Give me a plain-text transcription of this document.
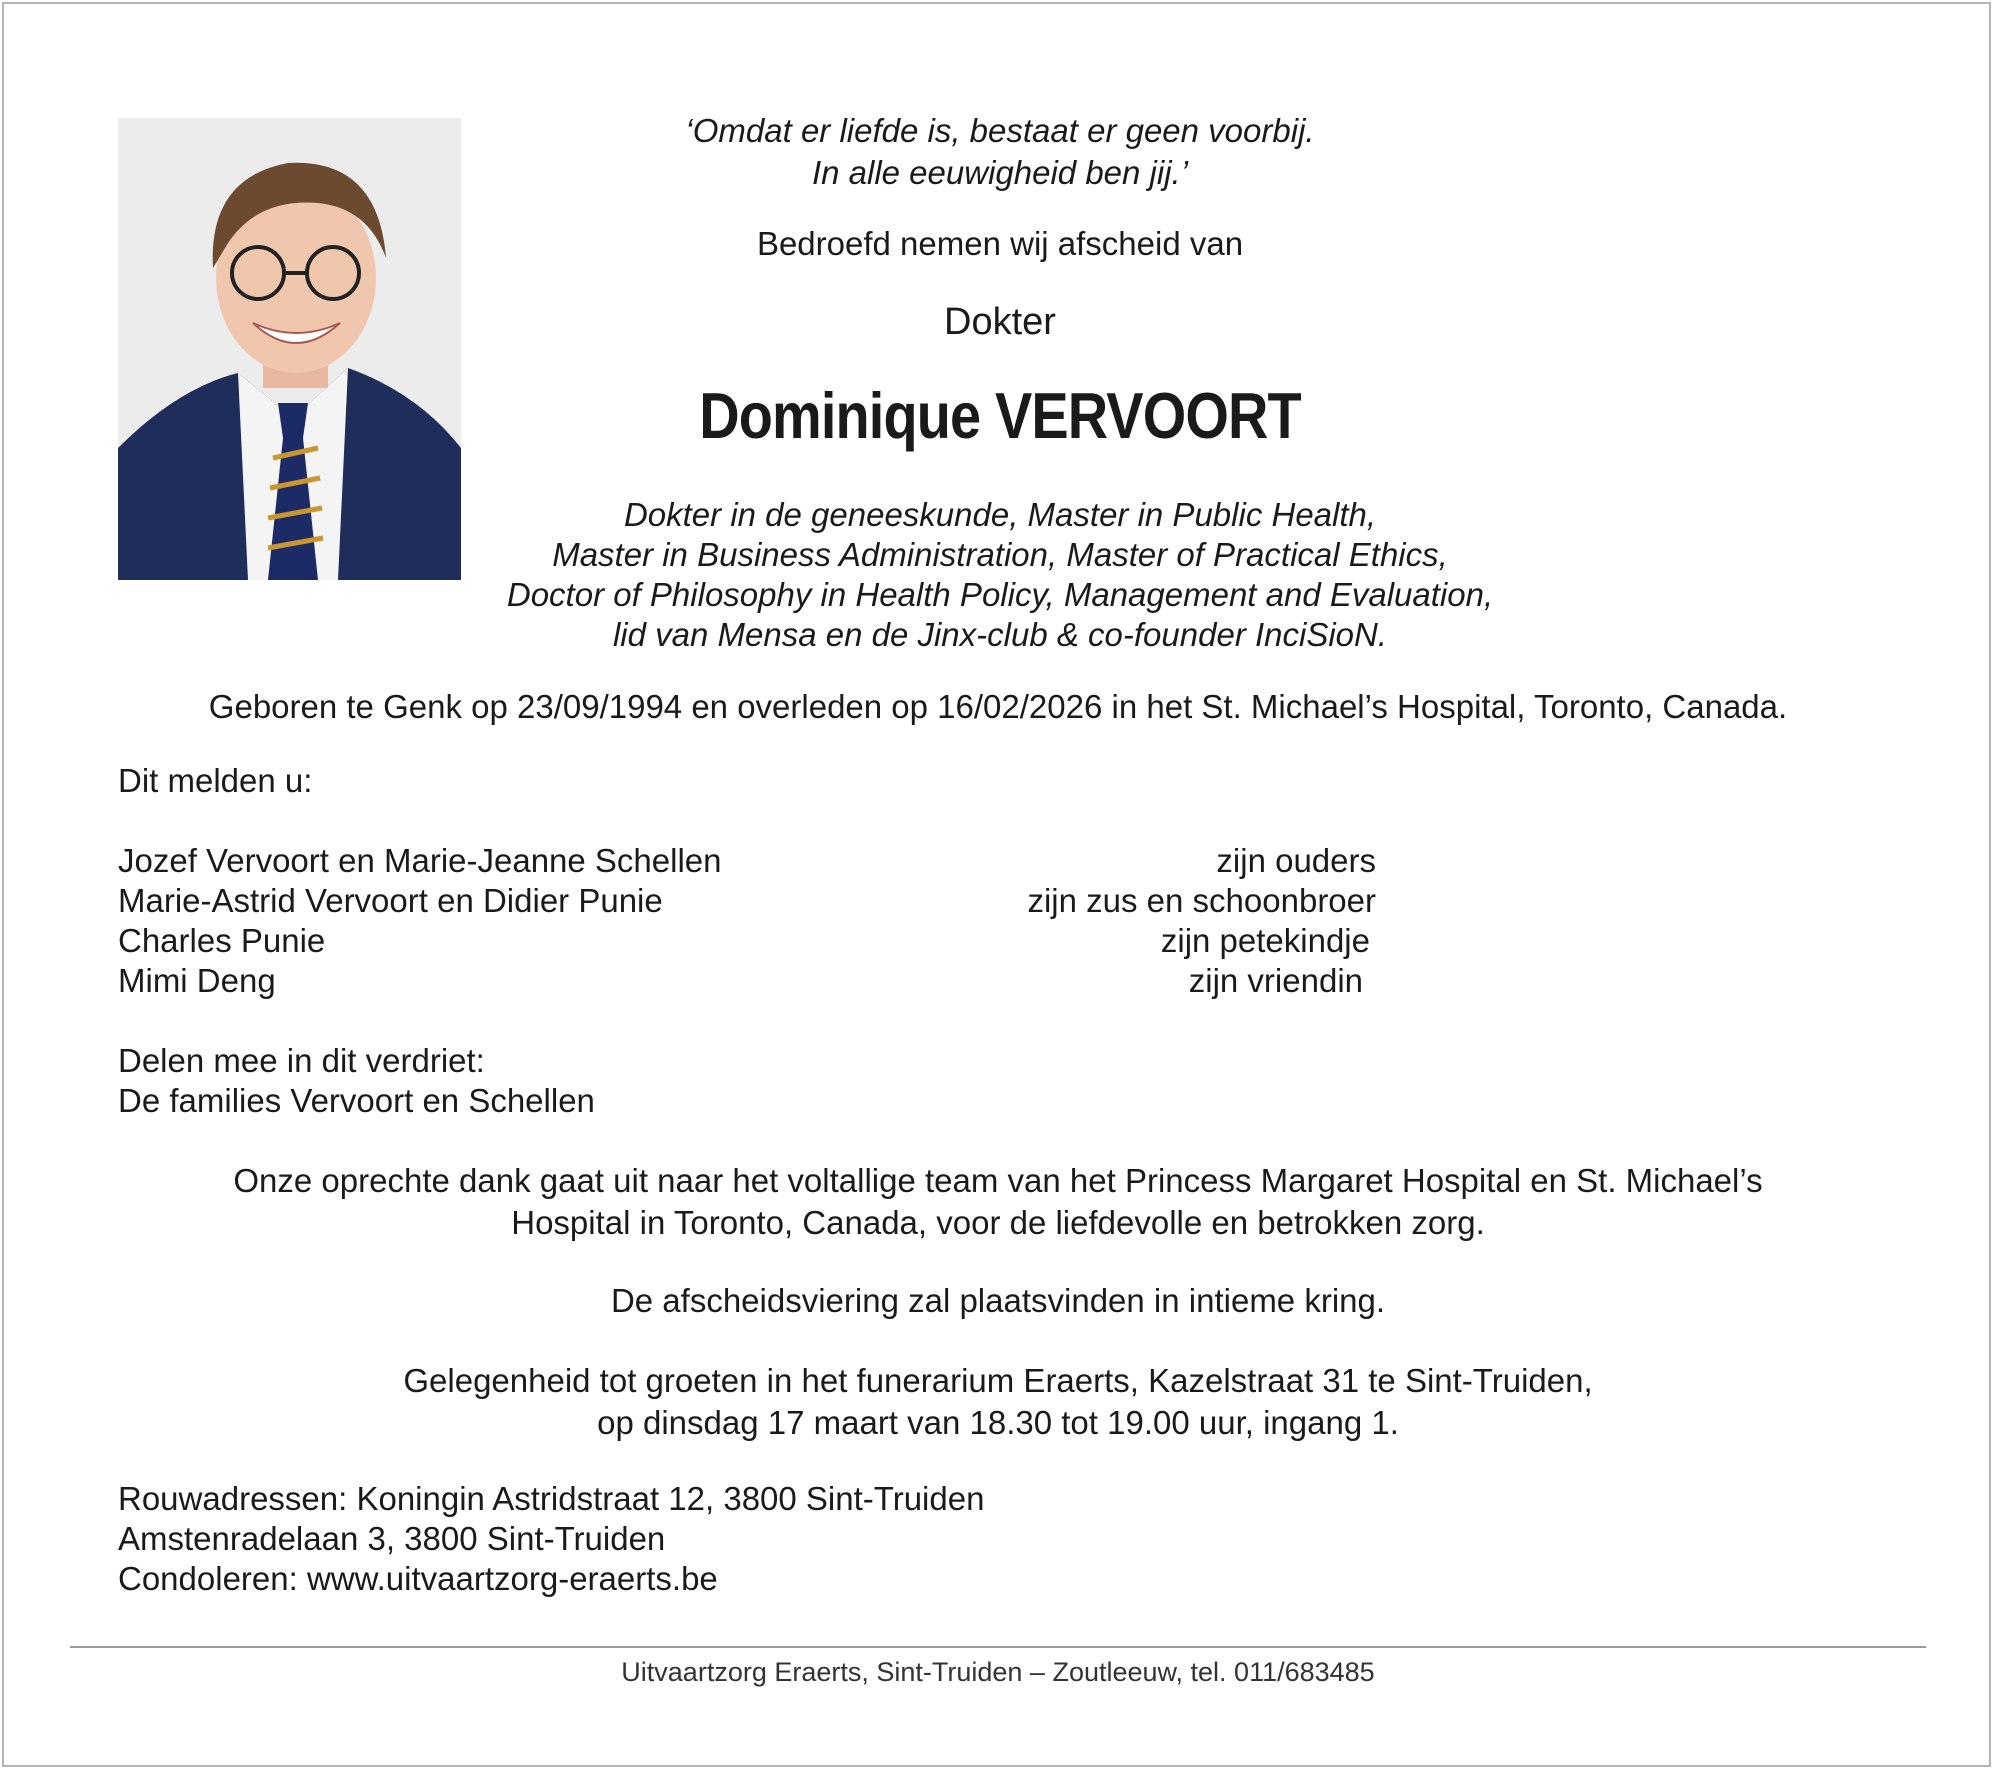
‘Omdat er liefde is, bestaat er geen voorbij.
In alle eeuwigheid ben jij.’
Bedroefd nemen wij afscheid van
Dokter
Dominique VERVOORT
Dokter in de geneeskunde, Master in Public Health,
Master in Business Administration, Master of Practical Ethics,
Doctor of Philosophy in Health Policy, Management and Evaluation,
lid van Mensa en de Jinx-club & co-founder InciSioN.
Geboren te Genk op 23/09/1994 en overleden op 16/02/2026 in het St. Michael’s Hospital, Toronto, Canada.
Dit melden u:
Jozef Vervoort en Marie-Jeanne Schellen	zijn ouders
Marie-Astrid Vervoort en Didier Punie	zijn zus en schoonbroer
Charles Punie	zijn petekindje
Mimi Deng	zijn vriendin
Delen mee in dit verdriet:
De families Vervoort en Schellen
Onze oprechte dank gaat uit naar het voltallige team van het Princess Margaret Hospital en St. Michael’s
Hospital in Toronto, Canada, voor de liefdevolle en betrokken zorg.
De afscheidsviering zal plaatsvinden in intieme kring.
Gelegenheid tot groeten in het funerarium Eraerts, Kazelstraat 31 te Sint-Truiden,
op dinsdag 17 maart van 18.30 tot 19.00 uur, ingang 1.
Rouwadressen: Koningin Astridstraat 12, 3800 Sint-Truiden
Amstenradelaan 3, 3800 Sint-Truiden
Condoleren: www.uitvaartzorg-eraerts.be
Uitvaartzorg Eraerts, Sint-Truiden – Zoutleeuw, tel. 011/683485
